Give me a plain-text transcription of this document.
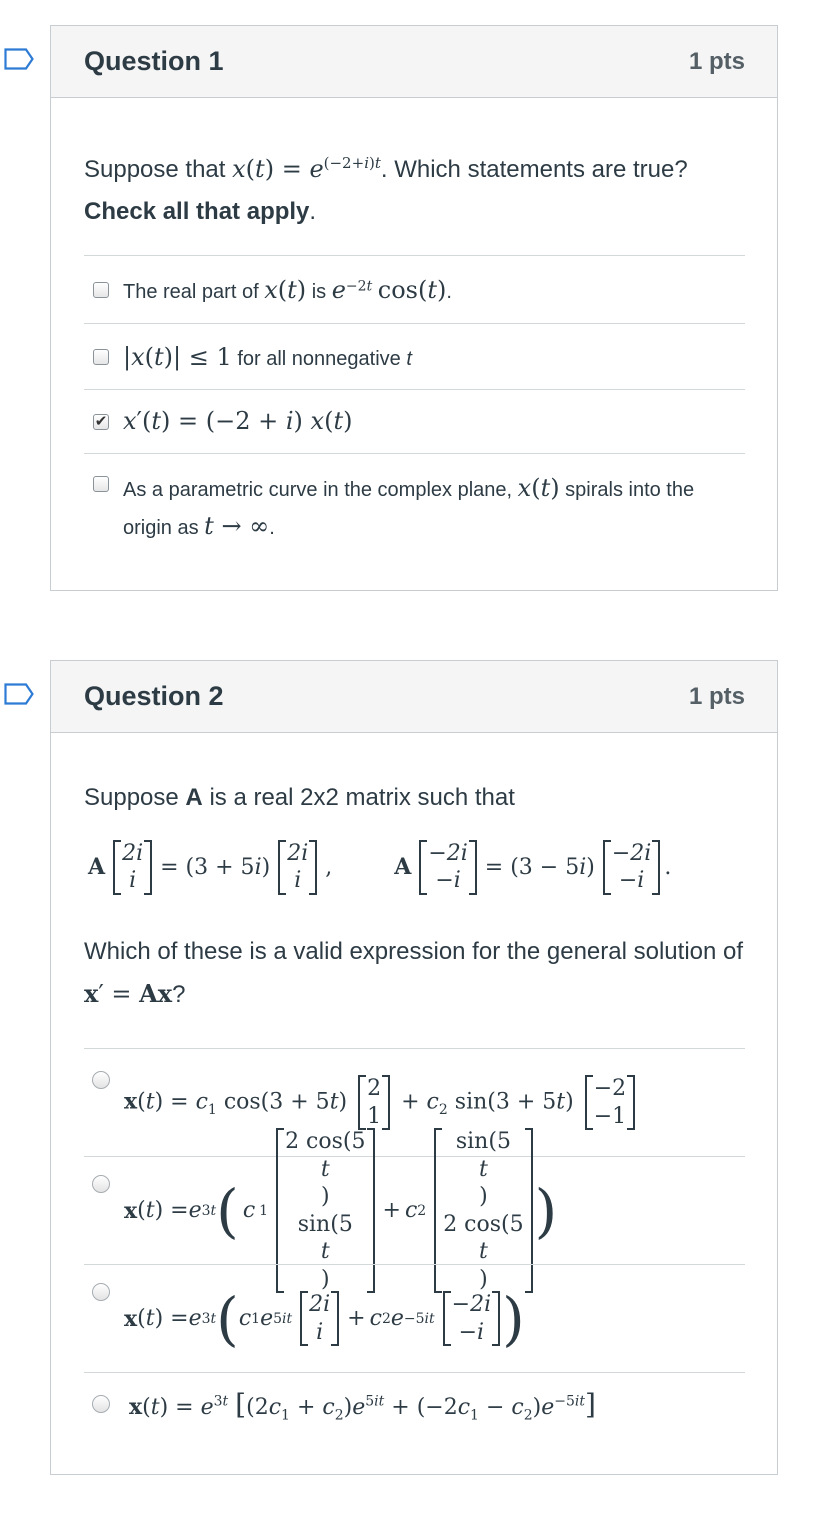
Question 1	1 pts
Suppose that $x(t) = e^{(-2+i)t}$. Which statements are true?
Check all that apply.
The real part of x(t) is $e^{-2t}$ cos(t).
|x(t)| ≤ 1 for all nonnegative t
✔ x′(t) = (−2 + i) x(t)
As a parametric curve in the complex plane, x(t) spirals into the origin as t → ∞.
Question 2	1 pts
Suppose A is a real 2x2 matrix such that
A
2i
i
= (3 + 5 i )
2i
i
,	A
−2i
−i
= (3 − 5 i )
−2i
−i
.
Which of these is a valid expression for the general solution of x′ = Ax?
$x(t) = c_1$ cos(3 + 5t)
2
1
+ $c_2$ sin(3 + 5t)
−2
−1
x ( t ) = e 3t ( c 1
2 cos(5
t
)
sin(5
t
)
+ c 2
sin(5
t
)
2 cos(5
t
)
)
x ( t ) = e 3t ( c 1 e 5it
2i
i
+ c 2 e −5it
−2i
−i )
$x(t) = e^{3t}$ $[(2c_1 + c_2)e^{5it} + (-2c_1 - c_2)e^{-5it}]$
